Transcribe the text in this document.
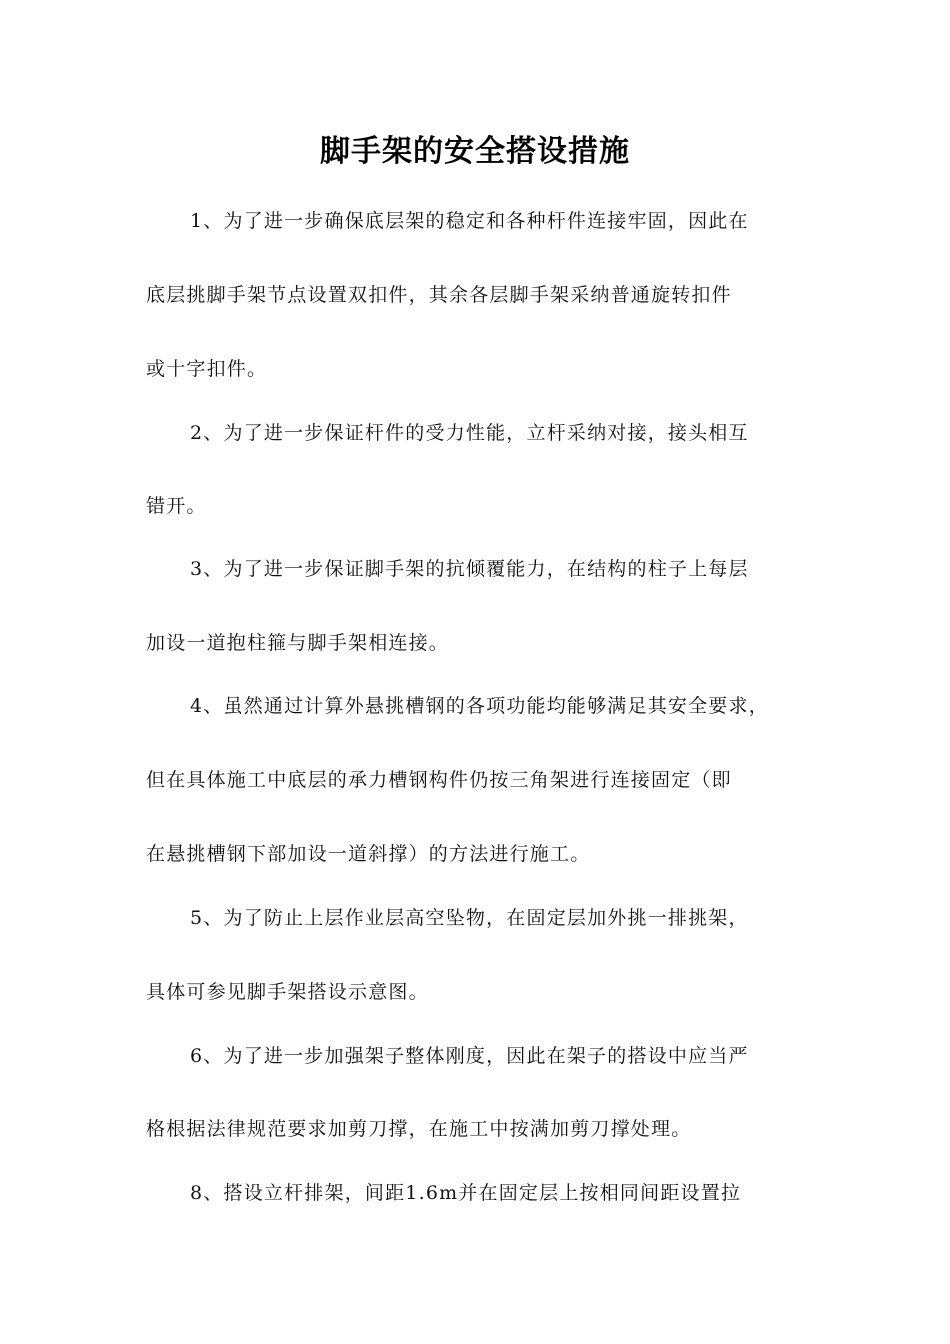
脚手架的安全搭设措施
1、为了进一步确保底层架的稳定和各种杆件连接牢固，因此在
底层挑脚手架节点设置双扣件，其余各层脚手架采纳普通旋转扣件
或十字扣件。
2、为了进一步保证杆件的受力性能，立杆采纳对接，接头相互
错开。
3、为了进一步保证脚手架的抗倾覆能力，在结构的柱子上每层
加设一道抱柱箍与脚手架相连接。
4、虽然通过计算外悬挑槽钢的各项功能均能够满足其安全要求，
但在具体施工中底层的承力槽钢构件仍按三角架进行连接固定（即
在悬挑槽钢下部加设一道斜撑）的方法进行施工。
5、为了防止上层作业层高空坠物，在固定层加外挑一排挑架，
具体可参见脚手架搭设示意图。
6、为了进一步加强架子整体刚度，因此在架子的搭设中应当严
格根据法律规范要求加剪刀撑，在施工中按满加剪刀撑处理。
8、搭设立杆排架，间距1.6m并在固定层上按相同间距设置拉
